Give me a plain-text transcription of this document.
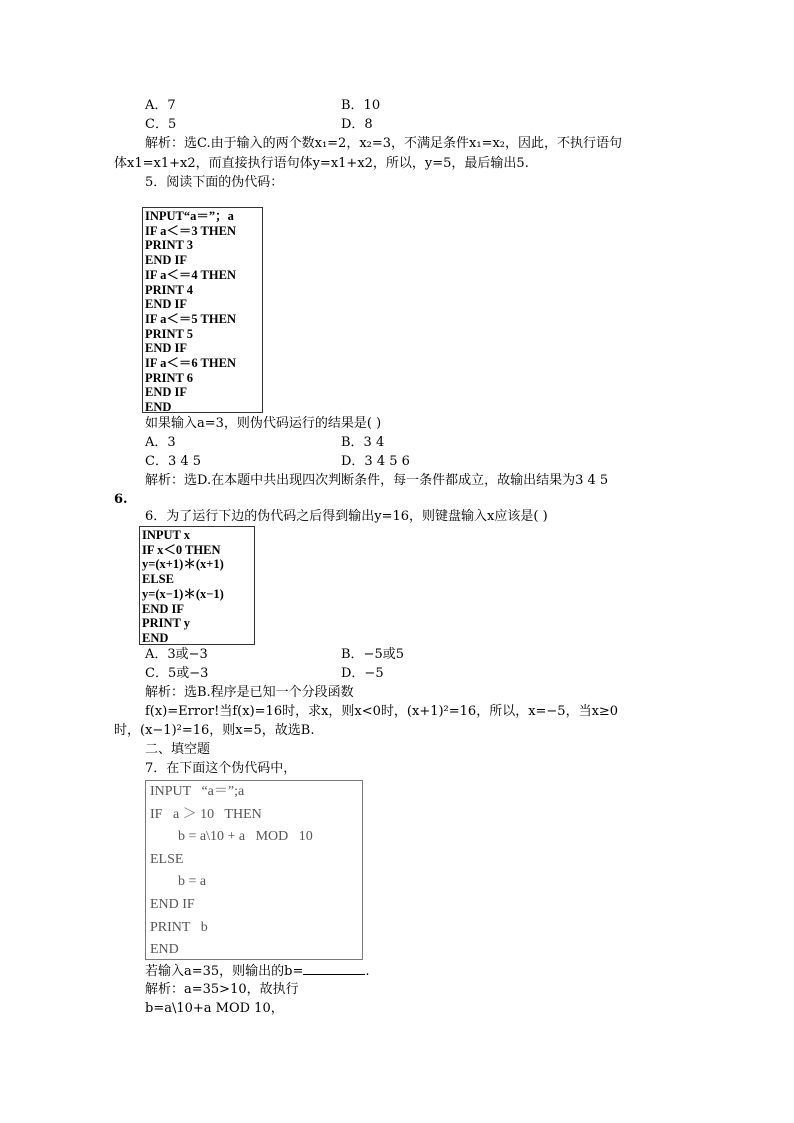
A．7	B．10
C．5	D．8
解析：选C.由于输入的两个数x₁=2，x₂=3，不满足条件x₁=x₂，因此，不执行语句
体x1=x1+x2，而直接执行语句体y=x1+x2，所以，y=5，最后输出5.
5．阅读下面的伪代码：
INPUT“a＝”；a
IF a＜＝3 THEN
PRINT 3
END IF
IF a＜＝4 THEN
PRINT 4
END IF
IF a＜＝5 THEN
PRINT 5
END IF
IF a＜＝6 THEN
PRINT 6
END IF
END
如果输入a=3，则伪代码运行的结果是( )
A．3	B．3 4
C．3 4 5	D．3 4 5 6
解析：选D.在本题中共出现四次判断条件，每一条件都成立，故输出结果为3 4 5
6.
6．为了运行下边的伪代码之后得到输出y=16，则键盘输入x应该是( )
INPUT x
IF x＜0 THEN
y=(x+1)＊(x+1)
ELSE
y=(x−1)＊(x−1)
END IF
PRINT y
END
A．3或−3	B．−5或5
C．5或−3	D．−5
解析：选B.程序是已知一个分段函数
f(x)=Error!当f(x)=16时，求x，则x<0时，(x+1)²=16，所以，x=−5，当x≥0
时，(x−1)²=16，则x=5，故选B.
二、填空题
7．在下面这个伪代码中，
INPUT   “a＝”;a
IF   a ＞ 10   THEN
b = a\10 + a   MOD   10
ELSE
b = a
END IF
PRINT   b
END
若输入a=35，则输出的b=	.
解析：a=35>10，故执行
b=a\10+a MOD 10，
